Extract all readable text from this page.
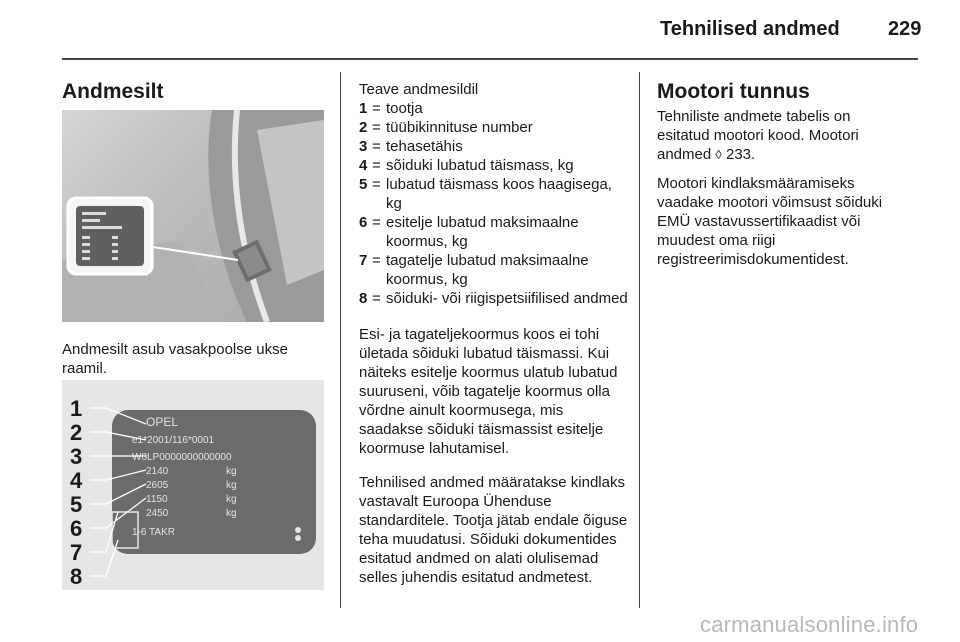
Tehnilised andmed 229
Andmesilt
Andmesilt asub vasakpoolse ukse raamil.
OPEL
e1*2001/116*0001
W0LP0000000000000
2140
2605
1150
2450
1-6 TAKR
kg
kg
kg
kg
1
2
3
4
5
6
7
8
Teave andmesildil
1 = tootja
2 = tüübikinnituse number
3 = tehasetähis
4 = sõiduki lubatud täismass, kg
5 = lubatud täismass koos haagisega, kg
6 = esitelje lubatud maksimaalne koormus, kg
7 = tagatelje lubatud maksimaalne koormus, kg
8 = sõiduki- või riigispetsiifilised andmed
Esi- ja tagateljekoormus koos ei tohi ületada sõiduki lubatud täismassi. Kui näiteks esitelje koormus ulatub lubatud suuruseni, võib tagatelje koormus olla võrdne ainult koormusega, mis saadakse sõiduki täismassist esitelje koormuse lahutamisel.
Tehnilised andmed määratakse kindlaks vastavalt Euroopa Ühenduse standarditele. Tootja jätab endale õiguse teha muudatusi. Sõiduki dokumentides esitatud andmed on alati olulisemad selles juhendis esitatud andmetest.
Mootori tunnus
Tehniliste andmete tabelis on esitatud mootori kood. Mootori andmed ◊ 233.
Mootori kindlaksmääramiseks vaadake mootori võimsust sõiduki EMÜ vastavussertifikaadist või muudest oma riigi registreerimisdokumentidest.
carmanualsonline.info
